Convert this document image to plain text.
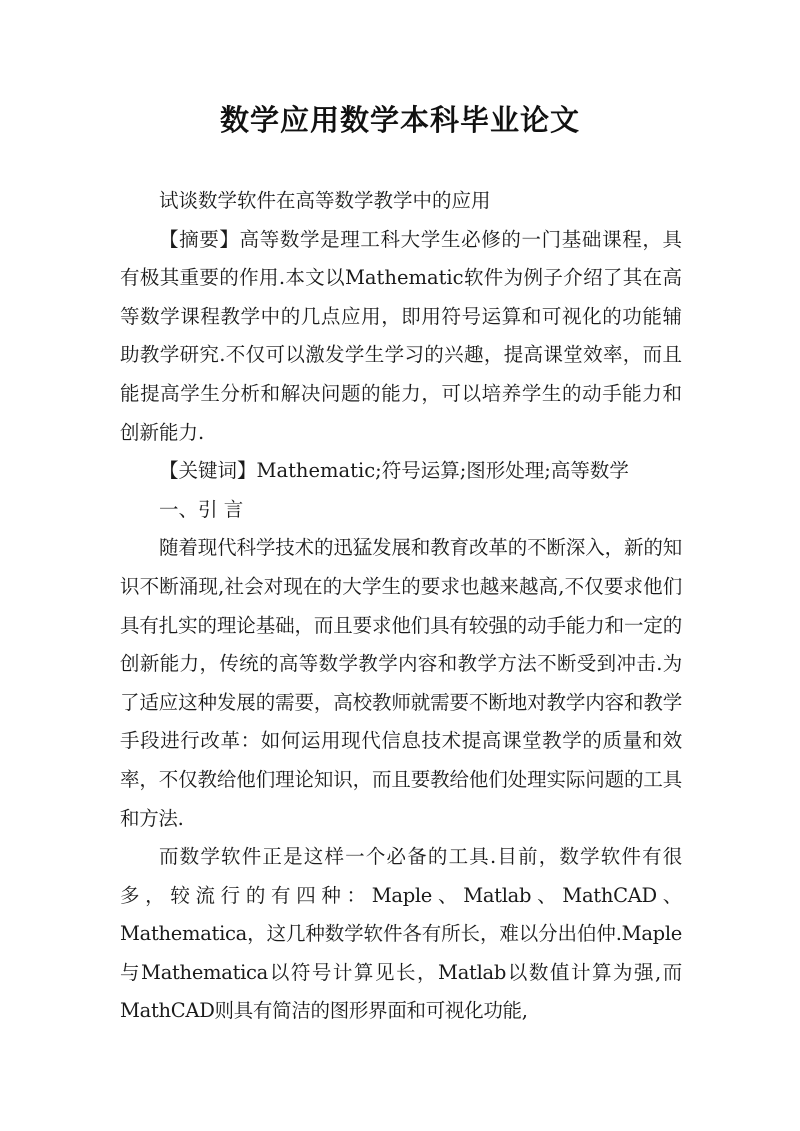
数学应用数学本科毕业论文

试谈数学软件在高等数学教学中的应用

【摘要】高等数学是理工科大学生必修的一门基础课程，具有极其重要的作用.本文以Mathematic软件为例子介绍了其在高等数学课程教学中的几点应用，即用符号运算和可视化的功能辅助教学研究.不仅可以激发学生学习的兴趣，提高课堂效率，而且能提高学生分析和解决问题的能力，可以培养学生的动手能力和创新能力.

【关键词】Mathematic;符号运算;图形处理;高等数学

一、引 言

随着现代科学技术的迅猛发展和教育改革的不断深入，新的知识不断涌现,社会对现在的大学生的要求也越来越高,不仅要求他们具有扎实的理论基础，而且要求他们具有较强的动手能力和一定的创新能力，传统的高等数学教学内容和教学方法不断受到冲击.为了适应这种发展的需要，高校教师就需要不断地对教学内容和教学手段进行改革：如何运用现代信息技术提高课堂教学的质量和效率，不仅教给他们理论知识，而且要教给他们处理实际问题的工具和方法.

而数学软件正是这样一个必备的工具.目前，数学软件有很多，较流行的有四种：Maple、Matlab、MathCAD、Mathematica，这几种数学软件各有所长，难以分出伯仲.Maple与Mathematica以符号计算见长，Matlab以数值计算为强,而MathCAD则具有简洁的图形界面和可视化功能,
